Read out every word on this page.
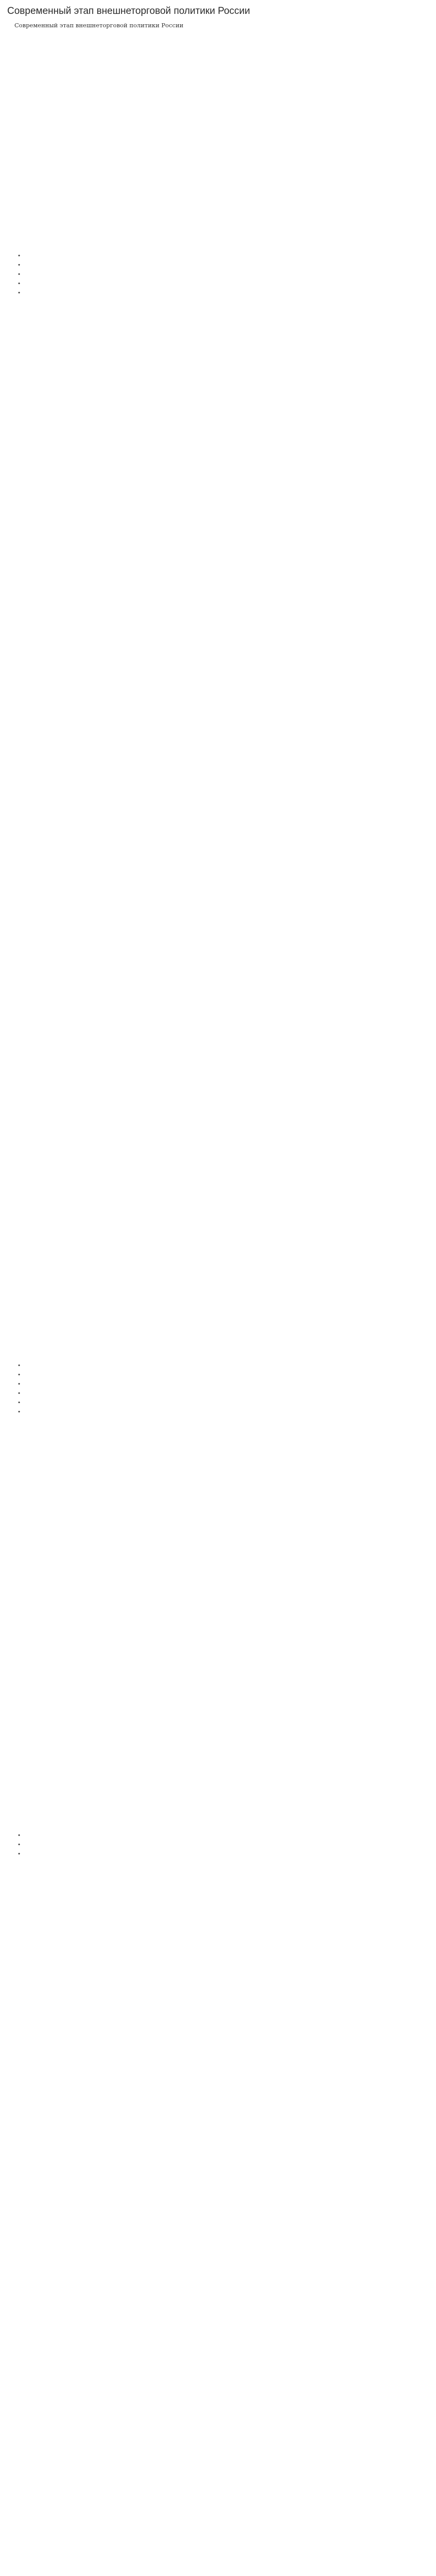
Современный этап внешнеторговой политики России
Современный этап внешнеторговой политики России

•
•
•
•
•

•
•
•
•
•
•

•
•
•
